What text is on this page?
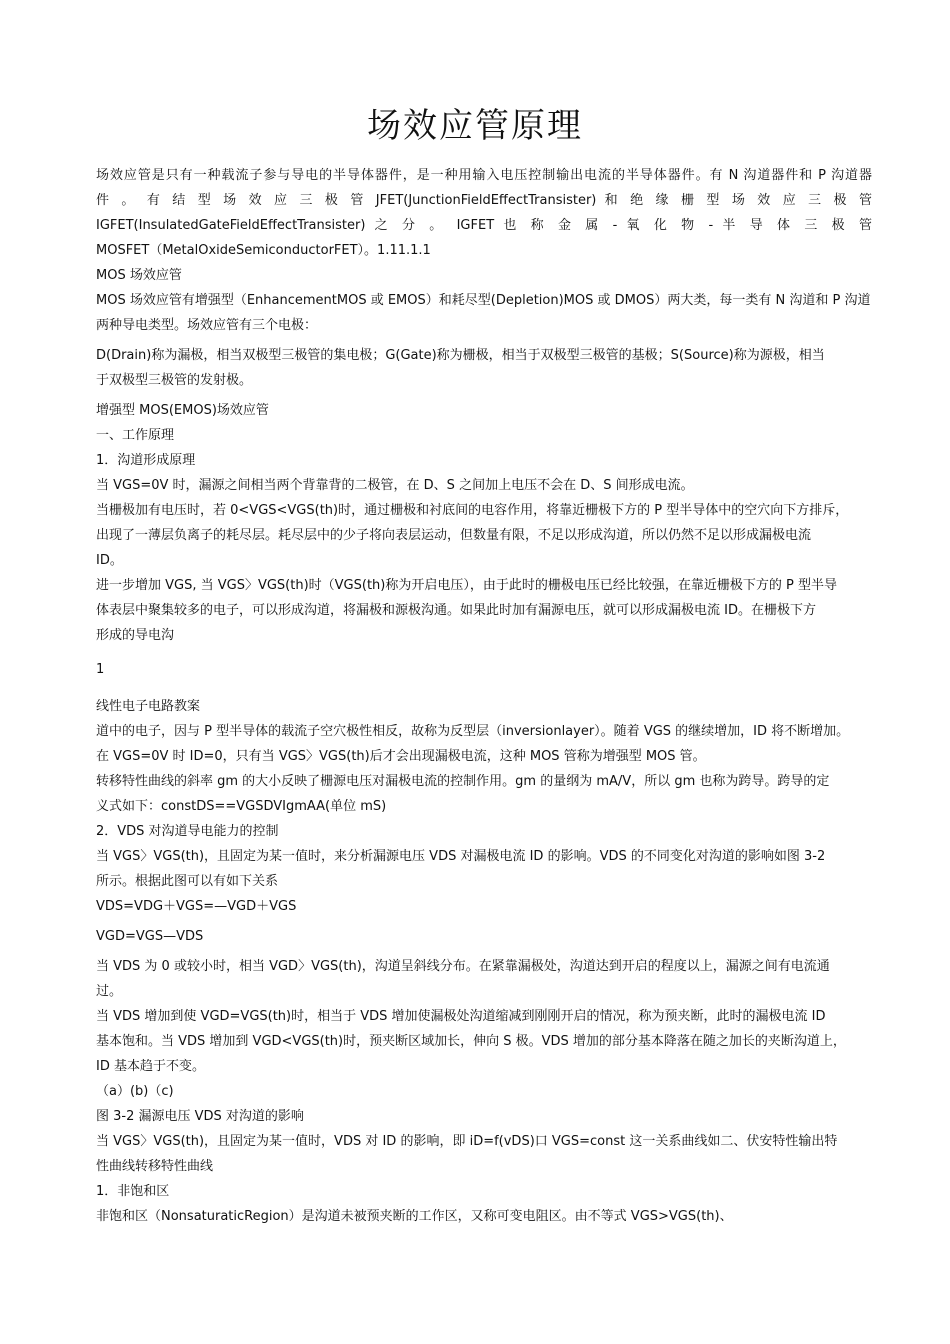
场效应管原理

场效应管是只有一种载流子参与导电的半导体器件，是一种用输入电压控制输出电流的半导体器件。有 N 沟道器件和 P 沟道器

件 。 有 结 型 场 效 应 三 极 管 JFET(JunctionFieldEffectTransister) 和 绝 缘 栅 型 场 效 应 三 极 管

IGFET(InsulatedGateFieldEffectTransister) 之 分 。 IGFET 也 称 金 属 - 氧 化 物 - 半 导 体 三 极 管

MOSFET（MetalOxideSemiconductorFET）。1.11.1.1

MOS 场效应管

MOS 场效应管有增强型（EnhancementMOS 或 EMOS）和耗尽型(Depletion)MOS 或 DMOS）两大类，每一类有 N 沟道和 P 沟道

两种导电类型。场效应管有三个电极：

D(Drain)称为漏极，相当双极型三极管的集电极；G(Gate)称为栅极，相当于双极型三极管的基极；S(Source)称为源极，相当

于双极型三极管的发射极。

增强型 MOS(EMOS)场效应管

一、工作原理

1．沟道形成原理

当 VGS=0V 时，漏源之间相当两个背靠背的二极管，在 D、S 之间加上电压不会在 D、S 间形成电流。

当栅极加有电压时，若 0<VGS<VGS(th)时，通过栅极和衬底间的电容作用，将靠近栅极下方的 P 型半导体中的空穴向下方排斥，

出现了一薄层负离子的耗尽层。耗尽层中的少子将向表层运动，但数量有限，不足以形成沟道，所以仍然不足以形成漏极电流

ID。

进一步增加 VGS, 当 VGS〉VGS(th)时（VGS(th)称为开启电压），由于此时的栅极电压已经比较强，在靠近栅极下方的 P 型半导

体表层中聚集较多的电子，可以形成沟道，将漏极和源极沟通。如果此时加有漏源电压，就可以形成漏极电流 ID。在栅极下方

形成的导电沟

1

线性电子电路教案

道中的电子，因与 P 型半导体的载流子空穴极性相反，故称为反型层（inversionlayer）。随着 VGS 的继续增加，ID 将不断增加。

在 VGS=0V 时 ID=0，只有当 VGS〉VGS(th)后才会出现漏极电流，这种 MOS 管称为增强型 MOS 管。

转移特性曲线的斜率 gm 的大小反映了栅源电压对漏极电流的控制作用。gm 的量纲为 mA/V，所以 gm 也称为跨导。跨导的定

义式如下：constDS==VGSDVIgmAA(单位 mS)

2．VDS 对沟道导电能力的控制

当 VGS〉VGS(th)，且固定为某一值时，来分析漏源电压 VDS 对漏极电流 ID 的影响。VDS 的不同变化对沟道的影响如图 3-2

所示。根据此图可以有如下关系

VDS=VDG＋VGS=—VGD＋VGS

VGD=VGS—VDS

当 VDS 为 0 或较小时，相当 VGD〉VGS(th)，沟道呈斜线分布。在紧靠漏极处，沟道达到开启的程度以上，漏源之间有电流通

过。

当 VDS 增加到使 VGD=VGS(th)时，相当于 VDS 增加使漏极处沟道缩减到刚刚开启的情况，称为预夹断，此时的漏极电流 ID

基本饱和。当 VDS 增加到 VGD<VGS(th)时，预夹断区域加长，伸向 S 极。VDS 增加的部分基本降落在随之加长的夹断沟道上，

ID 基本趋于不变。

（a）(b)（c)

图 3-2 漏源电压 VDS 对沟道的影响

当 VGS〉VGS(th)，且固定为某一值时，VDS 对 ID 的影响，即 iD=f(vDS)口 VGS=const 这一关系曲线如二、伏安特性输出特

性曲线转移特性曲线

1．非饱和区

非饱和区（NonsaturaticRegion）是沟道未被预夹断的工作区，又称可变电阻区。由不等式 VGS>VGS(th)、
